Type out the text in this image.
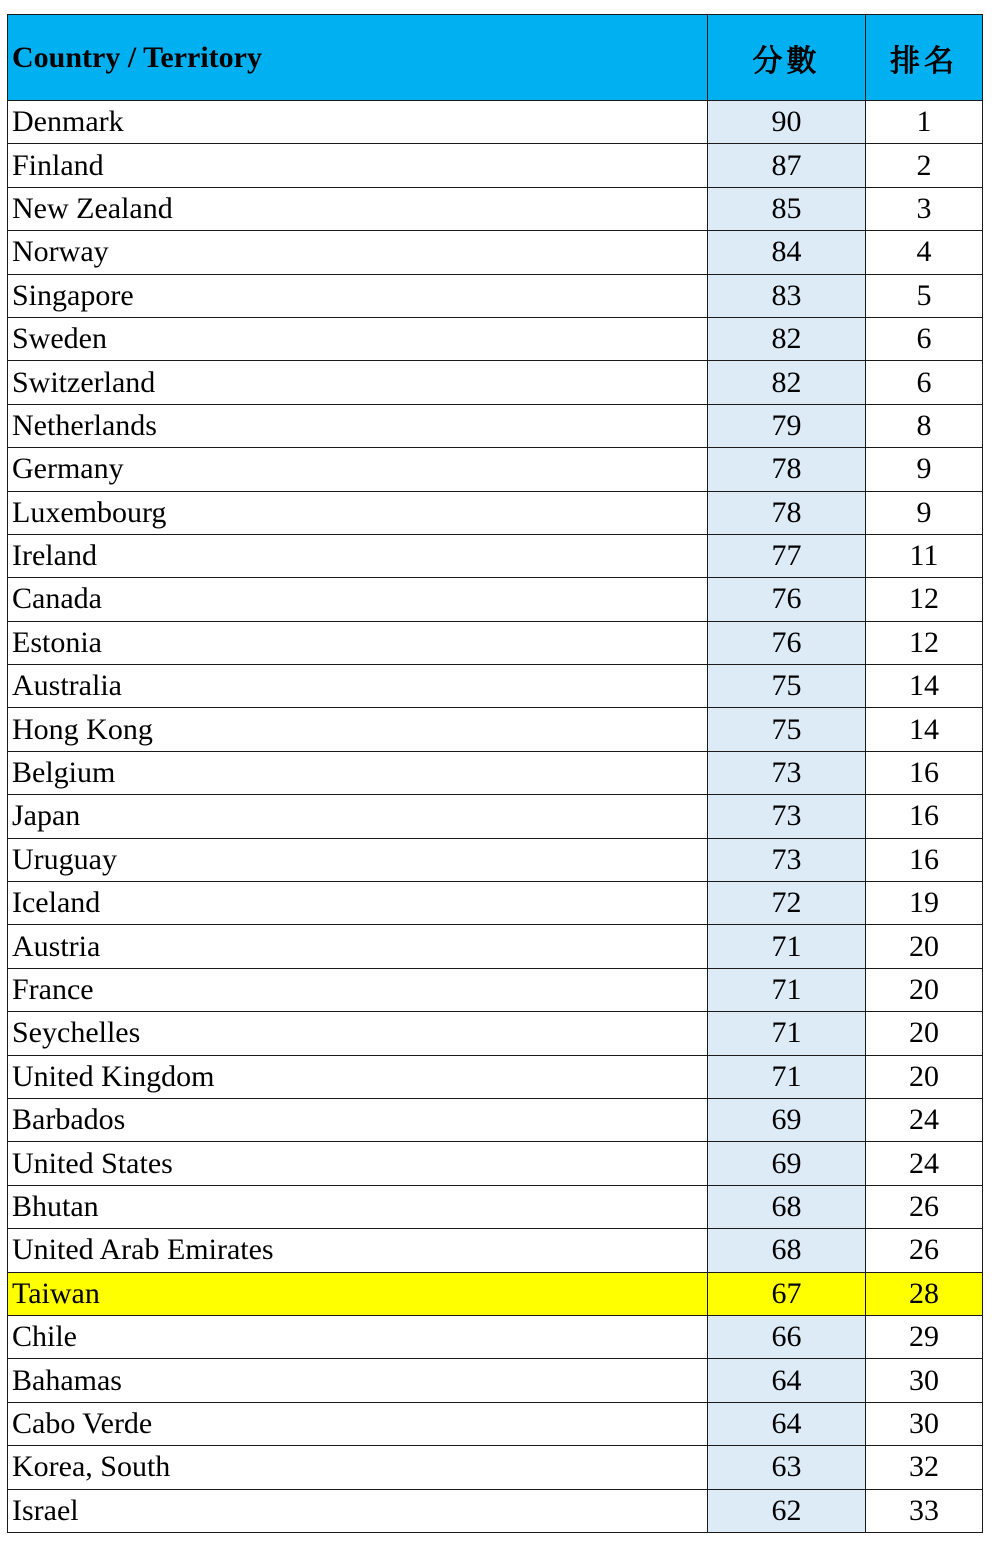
Country / Territory	分數	排名
Denmark	90	1
Finland	87	2
New Zealand	85	3
Norway	84	4
Singapore	83	5
Sweden	82	6
Switzerland	82	6
Netherlands	79	8
Germany	78	9
Luxembourg	78	9
Ireland	77	11
Canada	76	12
Estonia	76	12
Australia	75	14
Hong Kong	75	14
Belgium	73	16
Japan	73	16
Uruguay	73	16
Iceland	72	19
Austria	71	20
France	71	20
Seychelles	71	20
United Kingdom	71	20
Barbados	69	24
United States	69	24
Bhutan	68	26
United Arab Emirates	68	26
Taiwan	67	28
Chile	66	29
Bahamas	64	30
Cabo Verde	64	30
Korea, South	63	32
Israel	62	33
